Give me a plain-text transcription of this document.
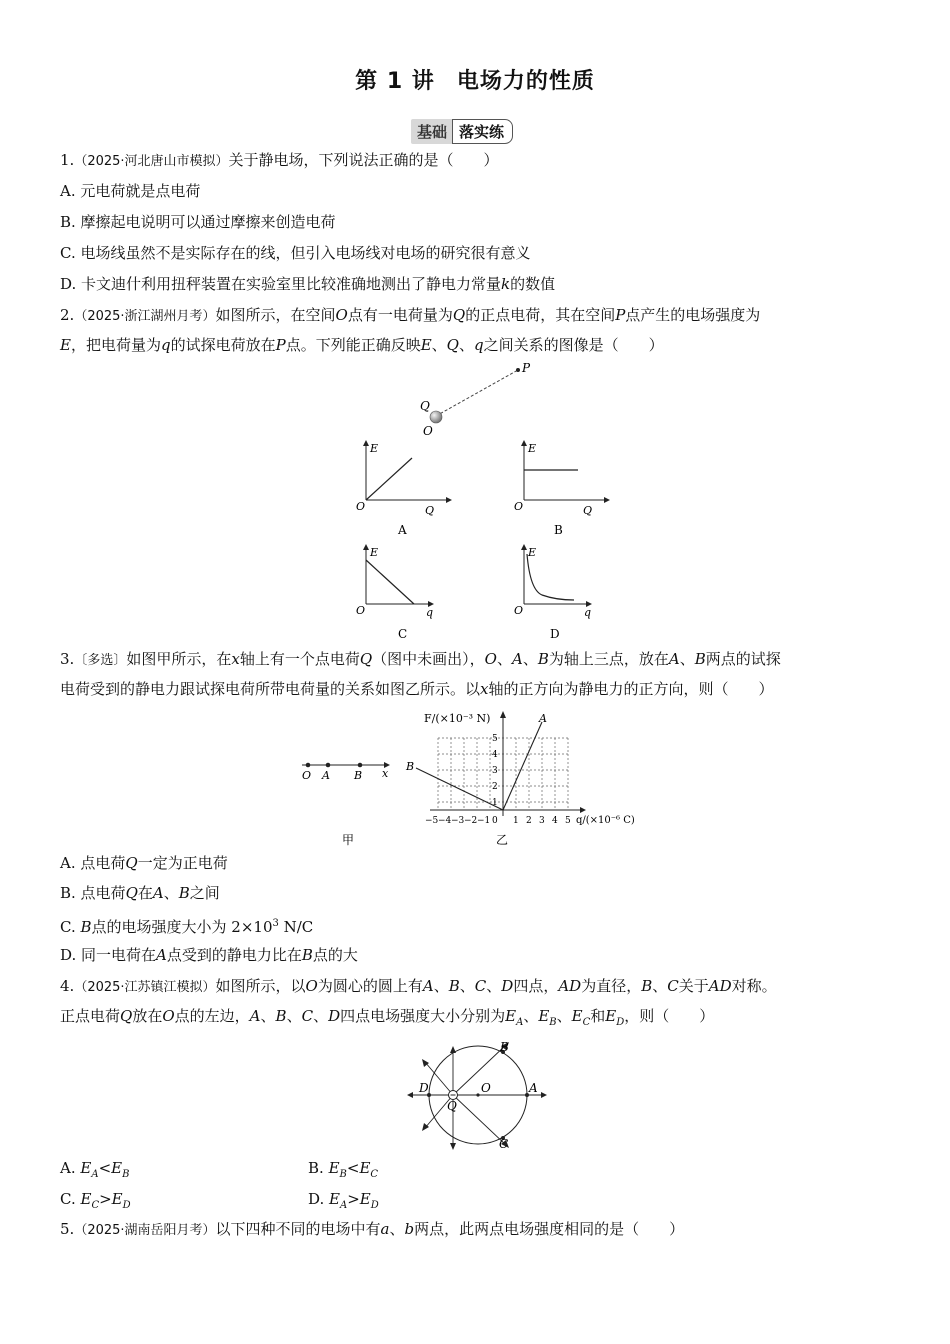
第 1 讲 电场力的性质
基础 落实练
1.（2025·河北唐山市模拟）关于静电场，下列说法正确的是（　　）
A. 元电荷就是点电荷
B. 摩擦起电说明可以通过摩擦来创造电荷
C. 电场线虽然不是实际存在的线，但引入电场线对电场的研究很有意义
D. 卡文迪什利用扭秤装置在实验室里比较准确地测出了静电力常量k的数值
2.（2025·浙江湖州月考）如图所示，在空间O点有一电荷量为Q的正点电荷，其在空间P点产生的电场强度为
E，把电荷量为q的试探电荷放在P点。下列能正确反映E、Q、q之间关系的图像是（　　）
P
Q
O
E
O	Q
A
E
O	Q
B
E
O	q
C
E
O	q
D
3.〔多选〕如图甲所示，在x轴上有一个点电荷Q（图中未画出），O、A、B为轴上三点，放在A、B两点的试探
电荷受到的静电力跟试探电荷所带电荷量的关系如图乙所示。以x轴的正方向为静电力的正方向，则（　　）
O A B x
甲
F/(×10⁻³ N)	A
B
5
4
3
2
1
−5 −4 −3 −2 −1 0 1 2 3 4 5 q/(×10⁻⁶ C)
乙
A. 点电荷Q一定为正电荷
B. 点电荷Q在A、B之间
C. B点的电场强度大小为 $2\times 10^3$ N/C
D. 同一电荷在A点受到的静电力比在B点的大
4.（2025·江苏镇江模拟）如图所示，以O为圆心的圆上有A、B、C、D四点，AD为直径，B、C关于AD对称。
正点电荷Q放在O点的左边，A、B、C、D四点电场强度大小分别为$E_A$、$E_B$、$E_C$和$E_D$，则（　　）
A
B
C
D	O
Q
A. $E_A<E_B$	B. $E_B<E_C$
C. $E_C>E_D$	D. $E_A>E_D$
5.（2025·湖南岳阳月考）以下四种不同的电场中有a、b两点，此两点电场强度相同的是（　　）
